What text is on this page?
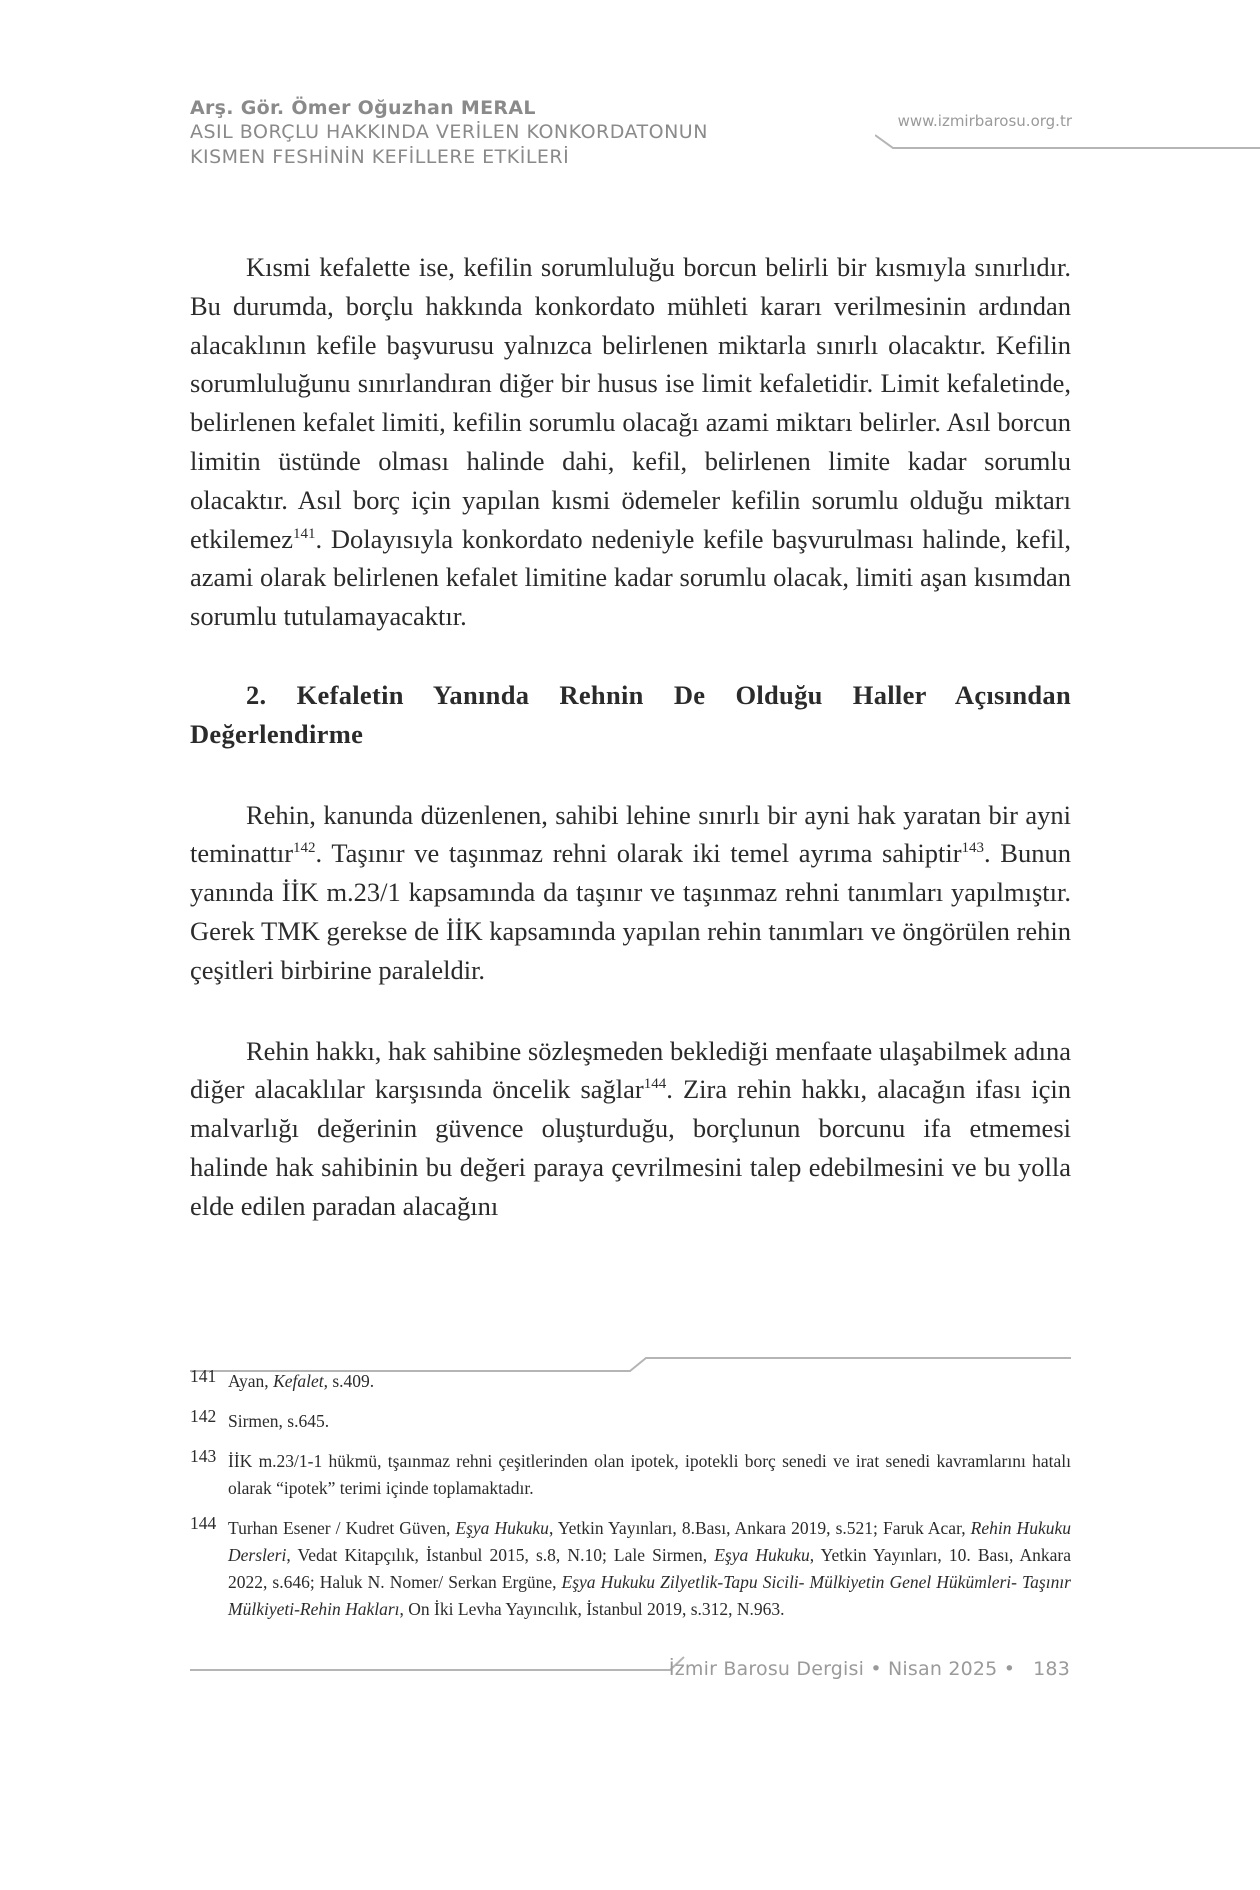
Arş. Gör. Ömer Oğuzhan MERAL
ASIL BORÇLU HAKKINDA VERİLEN KONKORDATONUN
KISMEN FESHİNİN KEFİLLERE ETKİLERİ
www.izmirbarosu.org.tr

Kısmi kefalette ise, kefilin sorumluluğu borcun belirli bir kısmıyla sınırlıdır. Bu durumda, borçlu hakkında konkordato mühleti kararı verilmesinin ardından alacaklının kefile başvurusu yalnızca belirlenen miktarla sınırlı olacaktır. Kefilin sorumluluğunu sınırlandıran diğer bir husus ise limit kefaletidir. Limit kefaletinde, belirlenen kefalet limiti, kefilin sorumlu olacağı azami miktarı belirler. Asıl borcun limitin üstünde olması halinde dahi, kefil, belirlenen limite kadar sorumlu olacaktır. Asıl borç için yapılan kısmi ödemeler kefilin sorumlu olduğu miktarı etkilemez$^{141}$. Dolayısıyla konkordato nedeniyle kefile başvurulması halinde, kefil, azami olarak belirlenen kefalet limitine kadar sorumlu olacak, limiti aşan kısımdan sorumlu tutulamayacaktır.

2. Kefaletin Yanında Rehnin De Olduğu Haller Açısından Değerlendirme

Rehin, kanunda düzenlenen, sahibi lehine sınırlı bir ayni hak yaratan bir ayni teminattır$^{142}$. Taşınır ve taşınmaz rehni olarak iki temel ayrıma sahiptir$^{143}$. Bunun yanında İİK m.23/1 kapsamında da taşınır ve taşınmaz rehni tanımları yapılmıştır. Gerek TMK gerekse de İİK kapsamında yapılan rehin tanımları ve öngörülen rehin çeşitleri birbirine paraleldir.

Rehin hakkı, hak sahibine sözleşmeden beklediği menfaate ulaşabilmek adına diğer alacaklılar karşısında öncelik sağlar$^{144}$. Zira rehin hakkı, alacağın ifası için malvarlığı değerinin güvence oluşturduğu, borçlunun borcunu ifa etmemesi halinde hak sahibinin bu değeri paraya çevrilmesini talep edebilmesini ve bu yolla elde edilen paradan alacağını

141 Ayan, Kefalet, s.409.

142 Sirmen, s.645.

143 İİK m.23/1-1 hükmü, tşaınmaz rehni çeşitlerinden olan ipotek, ipotekli borç senedi ve irat senedi kavramlarını hatalı olarak “ipotek” terimi içinde toplamaktadır.

144 Turhan Esener / Kudret Güven, Eşya Hukuku, Yetkin Yayınları, 8.Bası, Ankara 2019, s.521; Faruk Acar, Rehin Hukuku Dersleri, Vedat Kitapçılık, İstanbul 2015, s.8, N.10; Lale Sirmen, Eşya Hukuku, Yetkin Yayınları, 10. Bası, Ankara 2022, s.646; Haluk N. Nomer/ Serkan Ergüne, Eşya Hukuku Zilyetlik-Tapu Sicili- Mülkiyetin Genel Hükümleri- Taşınır Mülkiyeti-Rehin Hakları, On İki Levha Yayıncılık, İstanbul 2019, s.312, N.963.

İzmir Barosu Dergisi • Nisan 2025 • 183
